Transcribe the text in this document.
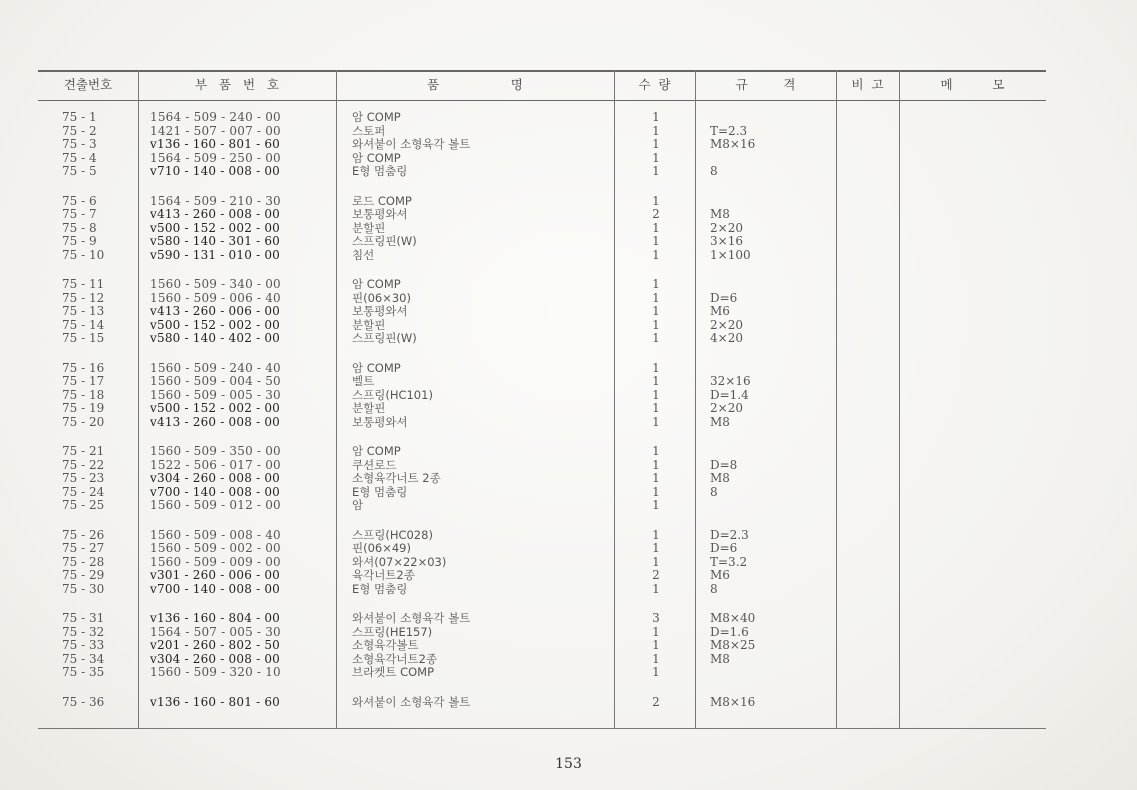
견출번호	부   품   번   호	품                  명	수  량	규         격	비  고	메          모
75 - 1	1564 - 509 - 240 - 00	암 COMP	1
75 - 2	1421 - 507 - 007 - 00	스토퍼	1	T=2.3
75 - 3	v136 - 160 - 801 - 60	와셔붙이 소형육각 볼트	1	M8×16
75 - 4	1564 - 509 - 250 - 00	암 COMP	1
75 - 5	v710 - 140 - 008 - 00	E형 멈춤링	1	8
75 - 6	1564 - 509 - 210 - 30	로드 COMP	1
75 - 7	v413 - 260 - 008 - 00	보통평와셔	2	M8
75 - 8	v500 - 152 - 002 - 00	분할핀	1	2×20
75 - 9	v580 - 140 - 301 - 60	스프링핀(W)	1	3×16
75 - 10	v590 - 131 - 010 - 00	침선	1	1×100
75 - 11	1560 - 509 - 340 - 00	암 COMP	1
75 - 12	1560 - 509 - 006 - 40	핀(06×30)	1	D=6
75 - 13	v413 - 260 - 006 - 00	보통평와셔	1	M6
75 - 14	v500 - 152 - 002 - 00	분할핀	1	2×20
75 - 15	v580 - 140 - 402 - 00	스프링핀(W)	1	4×20
75 - 16	1560 - 509 - 240 - 40	암 COMP	1
75 - 17	1560 - 509 - 004 - 50	벨트	1	32×16
75 - 18	1560 - 509 - 005 - 30	스프링(HC101)	1	D=1.4
75 - 19	v500 - 152 - 002 - 00	분할핀	1	2×20
75 - 20	v413 - 260 - 008 - 00	보통평와셔	1	M8
75 - 21	1560 - 509 - 350 - 00	암 COMP	1
75 - 22	1522 - 506 - 017 - 00	쿠션로드	1	D=8
75 - 23	v304 - 260 - 008 - 00	소형육각너트 2종	1	M8
75 - 24	v700 - 140 - 008 - 00	E형 멈춤링	1	8
75 - 25	1560 - 509 - 012 - 00	암	1
75 - 26	1560 - 509 - 008 - 40	스프링(HC028)	1	D=2.3
75 - 27	1560 - 509 - 002 - 00	핀(06×49)	1	D=6
75 - 28	1560 - 509 - 009 - 00	와셔(07×22×03)	1	T=3.2
75 - 29	v301 - 260 - 006 - 00	육각너트2종	2	M6
75 - 30	v700 - 140 - 008 - 00	E형 멈춤링	1	8
75 - 31	v136 - 160 - 804 - 00	와셔붙이 소형육각 볼트	3	M8×40
75 - 32	1564 - 507 - 005 - 30	스프링(HE157)	1	D=1.6
75 - 33	v201 - 260 - 802 - 50	소형육각볼트	1	M8×25
75 - 34	v304 - 260 - 008 - 00	소형육각너트2종	1	M8
75 - 35	1560 - 509 - 320 - 10	브라켓트 COMP	1
75 - 36	v136 - 160 - 801 - 60	와셔붙이 소형육각 볼트	2	M8×16
153
